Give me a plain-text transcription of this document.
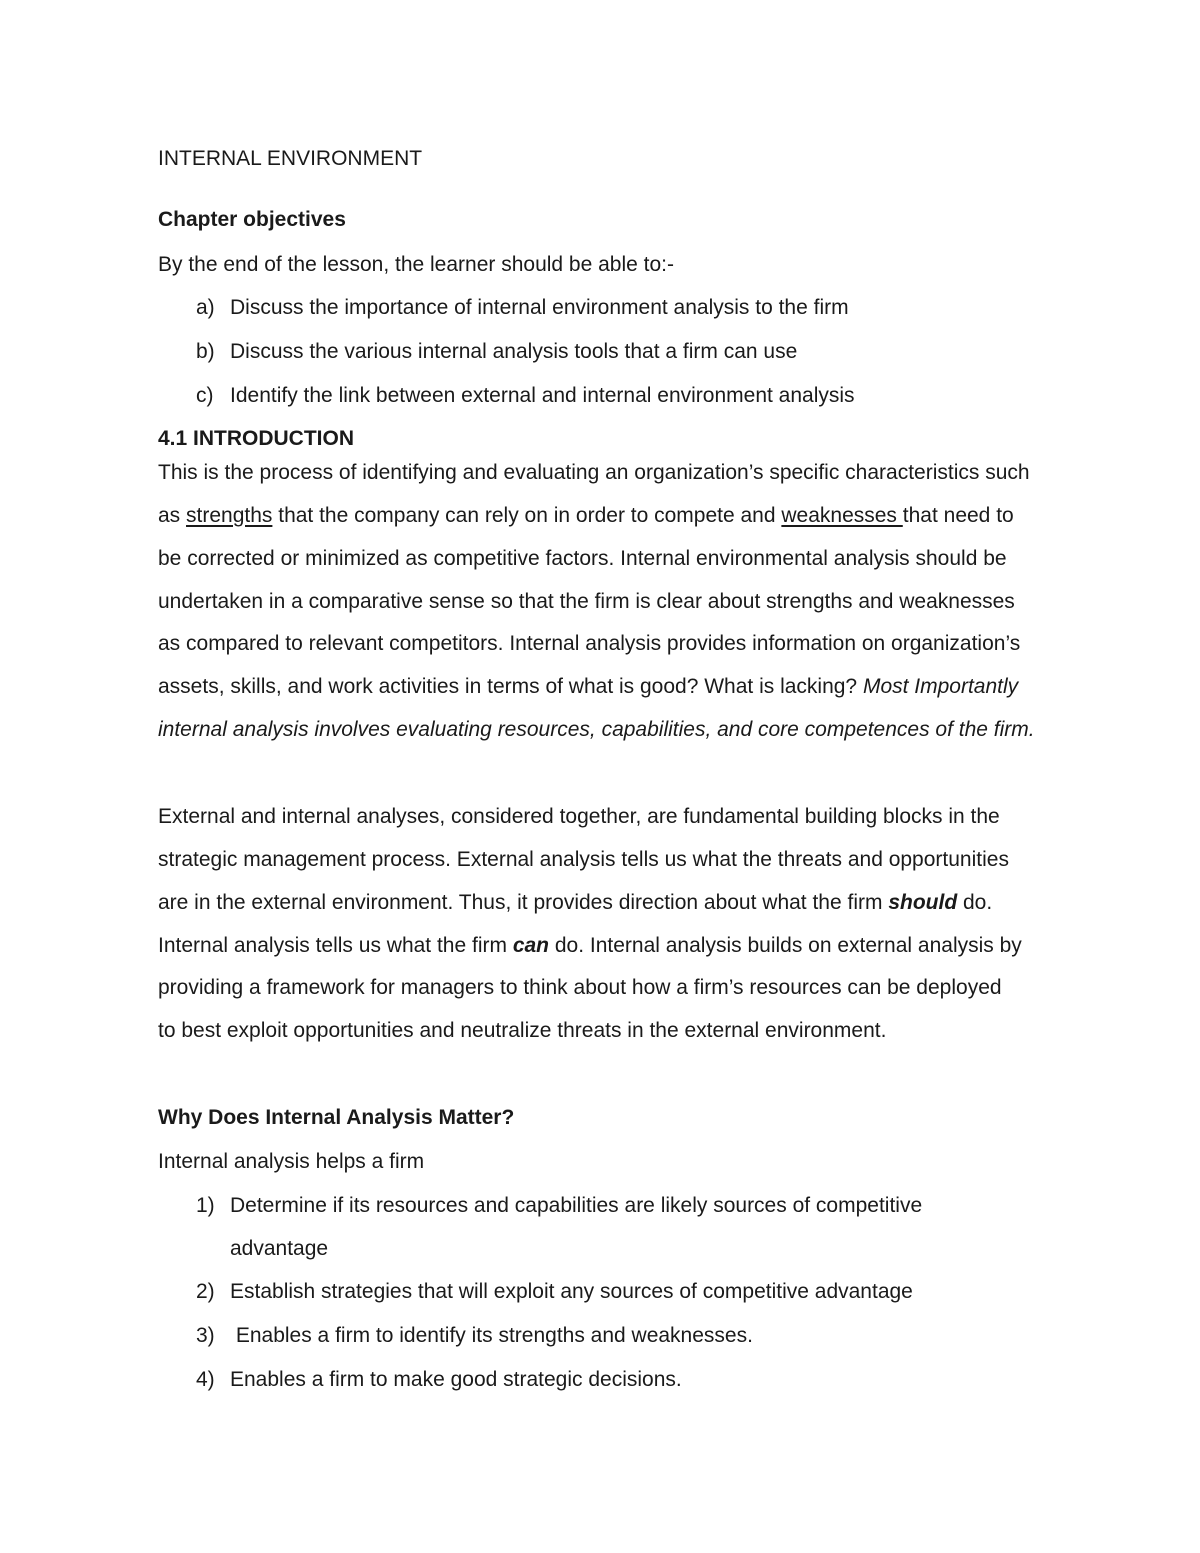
INTERNAL ENVIRONMENT
Chapter objectives
By the end of the lesson, the learner should be able to:-
a) Discuss the importance of internal environment analysis to the firm
b) Discuss the various internal analysis tools that a firm can use
c) Identify the link between external and internal environment analysis
4.1 INTRODUCTION
This is the process of identifying and evaluating an organization’s specific characteristics such
as strengths that the company can rely on in order to compete and weaknesses that need to
be corrected or minimized as competitive factors. Internal environmental analysis should be
undertaken in a comparative sense so that the firm is clear about strengths and weaknesses
as compared to relevant competitors. Internal analysis provides information on organization’s
assets, skills, and work activities in terms of what is good? What is lacking? Most Importantly
internal analysis involves evaluating resources, capabilities, and core competences of the firm.
External and internal analyses, considered together, are fundamental building blocks in the
strategic management process. External analysis tells us what the threats and opportunities
are in the external environment. Thus, it provides direction about what the firm should do.
Internal analysis tells us what the firm can do. Internal analysis builds on external analysis by
providing a framework for managers to think about how a firm’s resources can be deployed
to best exploit opportunities and neutralize threats in the external environment.
Why Does Internal Analysis Matter?
Internal analysis helps a firm
1) Determine if its resources and capabilities are likely sources of competitive
advantage
2) Establish strategies that will exploit any sources of competitive advantage
3) Enables a firm to identify its strengths and weaknesses.
4) Enables a firm to make good strategic decisions.
